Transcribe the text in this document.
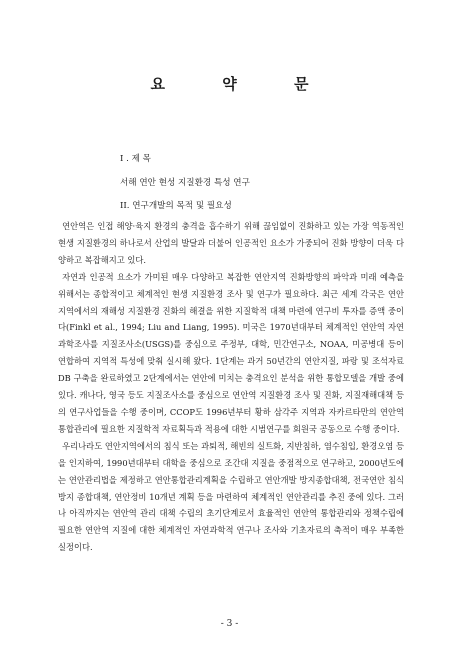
요 약 문
I . 제 목
서해 연안 현성 지질환경 특성 연구
II. 연구개발의 목적 및 필요성

연안역은 인접 해양·육지 환경의 충격을 흡수하기 위해 끊임없이 진화하고 있는 가장 역동적인 현생 지질환경의 하나로서 산업의 발달과 더불어 인공적인 요소가 가중되어 진화 방향이 더욱 다양하고 복잡해지고 있다.

자연과 인공적 요소가 가미된 매우 다양하고 복잡한 연안지역 진화방향의 파악과 미래 예측을 위해서는 종합적이고 체계적인 현생 지질환경 조사 및 연구가 필요하다. 최근 세계 각국은 연안지역에서의 재해성 지질환경 진화의 해결을 위한 지질학적 대책 마련에 연구비 투자를 증액 중이다(Finkl et al., 1994; Liu and Liang, 1995). 미국은 1970년대부터 체계적인 연안역 자연과학조사를 지질조사소(USGS)를 중심으로 주정부, 대학, 민간연구소, NOAA, 미공병대 등이 연합하여 지역적 특성에 맞춰 실시해 왔다. 1단계는 과거 50년간의 연안지질, 파랑 및 조석자료 DB 구축을 완료하였고 2단계에서는 연안에 미치는 충격요인 분석을 위한 통합모델을 개발 중에 있다. 캐나다, 영국 등도 지질조사소를 중심으로 연안역 지질환경 조사 및 진화, 지질재해대책 등의 연구사업들을 수행 중이며, CCOP도 1996년부터 황하 삼각주 지역과 자카르타만의 연안역 통합관리에 필요한 지질학적 자료획득과 적용에 대한 시범연구를 회원국 공동으로 수행 중이다.

우리나라도 연안지역에서의 침식 또는 과퇴적, 해빈의 실트화, 지반침하, 염수침입, 환경오염 등을 인지하여, 1990년대부터 대학을 중심으로 조간대 지질을 중점적으로 연구하고, 2000년도에는 연안관리법을 제정하고 연안통합관리계획을 수립하고 연안개발 방지종합대책, 전국연안 침식방지 종합대책, 연안정비 10개년 계획 등을 마련하여 체계적인 연안관리를 추진 중에 있다. 그러나 아직까지는 연안역 관리 대책 수립의 초기단계로서 효율적인 연안역 통합관리와 정책수립에 필요한 연안역 지질에 대한 체계적인 자연과학적 연구나 조사와 기초자료의 축적이 매우 부족한 실정이다.

- 3 -
